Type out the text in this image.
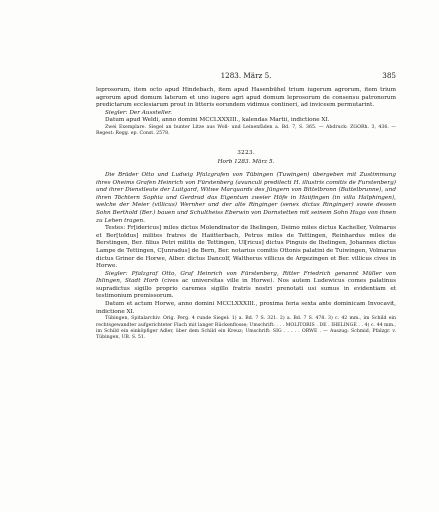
1283. März 5.	385

leprosorum, item octo apud Hindebach, item apud Hasenbühel trium iugerum agrorum, item trium agrorum apud domum laterum et uno iugere agri apud domum leprosorum de consensu patronorum predictarum ecclesiarum prout in litteris eorundem vidimus contineri, ad inviceem permutarint.

Siegler: Der Aussteller.

Datum apud Weldi, anno domini MCCLXXXIII., kalendas Martii, indictione XI.

Zwei Exemplare. Siegel an bunter Litze aus Woll- und Leinenfäden a. Bd. 7, S. 365. — Abdruck: ZGORh. 3, 436. — Regest: Regg. ep. Const. 2578.

3223.

Horb 1283. März 5.

Die Brüder Otto und Ludwig Pfalzgrafen von Tübingen (Tuwingen) übergeben mit Zustimmung ihres Oheims Grafen Heinrich von Fürstenberg (avunculi predilecti H. illustris comitis de Furstenberg) und ihrer Dienstleute der Luitgard, Witwe Marquards des Jüngern von Bittelbronn (Buttelbrunne), und ihren Töchtern Sophia und Gerdrud das Eigentum zweier Höfe in Haiifingen (in villa Halphingen), welche der Meier (villicus) Wernher und der alte Ringinger (senex dictus Ringinger) sowie dessen Sohn Berthold (Ber.) bauen und Schultheiss Eberwin von Dornstetten mit seinem Sohn Hugo von ihnen zu Lehen tragen.

Testes: Fr[idericus] miles dictus Molendinator de Ihelingen, Deimo miles dictus Kacheller, Volmarus et Ber[toldus] milites fratres de Haiitterbach, Petrus miles de Tettingen, Reinhardus miles de Berstingen, Ber. filius Petri militis de Tettingen, Ul[ricus] dictus Pinguis de Ihelingen, Johannes dictus Lampe de Tettingen, C[unradus] de Bern, Ber. notarius comitis Ottonis palatini de Tuiwingen, Volmarus dictus Griner de Horwe, Alber. dictus Dancolf, Waltherus villicus de Argezingen et Ber. villicus cives in Horwe.

Siegler: Pfalzgraf Otto, Graf Heinrich von Fürstenberg, Ritter Friedrich genannt Müller von Ihlingen, Stadt Horb (cives ac universitas ville in Horwe). Nos autem Ludewicus comes palatinus supradictus sigillo proprio caremes sigillo fratris nostri prenotati usi sumus in evidentiam et testimonium premissorum.

Datum et actum Horwe, anno domini MCCLXXXIII., proxima feria sexta ante dominicam Invocavit, indictione XI.

Tübingen, Spitalarchiv. Orig. Perg. 4 runde Siegel: 1) a. Bd. 7 S. 321. 2) a. Bd. 7 S. 478. 3) c. 42 mm., im Schild ein rechtsgewandter aufgerichteter Flach mit langer Rückenflosse; Umschrift: . . . MOLITORIS . DE . IHELINGE . . 4) c. 44 mm., im Schild ein einköpfiger Adler, über dem Schild ein Kreuz; Umschrift: SIG . . . . . ORWE . — Auszug: Schmid, Pfalzgr. v. Tübingen, UB. S. 51.
